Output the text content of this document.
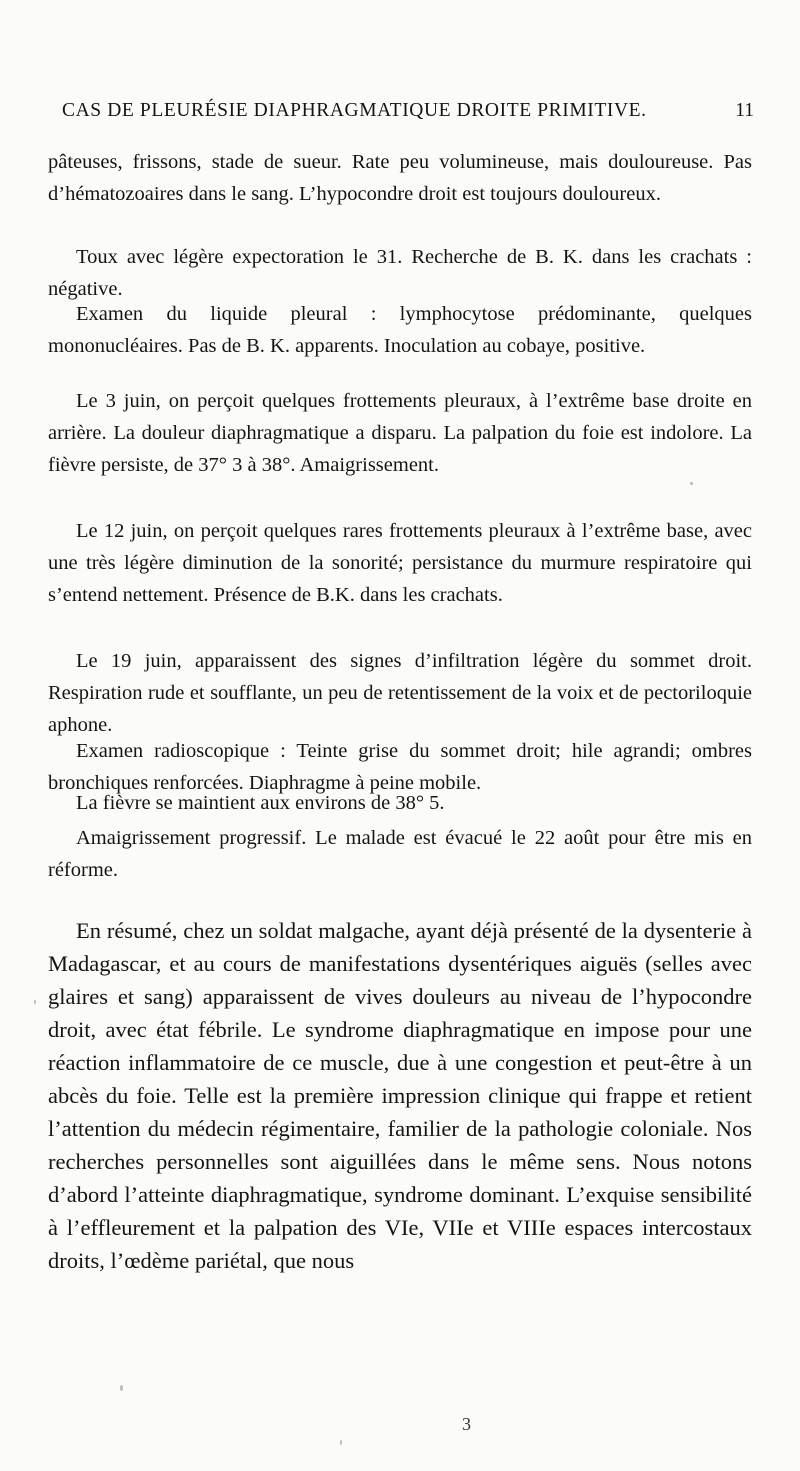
CAS DE PLEURÉSIE DIAPHRAGMATIQUE DROITE PRIMITIVE.	11

pâteuses, frissons, stade de sueur. Rate peu volumineuse, mais douloureuse. Pas d’hématozoaires dans le sang. L’hypocondre droit est toujours douloureux.

Toux avec légère expectoration le 31. Recherche de B. K. dans les crachats : négative.

Examen du liquide pleural : lymphocytose prédominante, quelques mononucléaires. Pas de B. K. apparents. Inoculation au cobaye, positive.

Le 3 juin, on perçoit quelques frottements pleuraux, à l’extrême base droite en arrière. La douleur diaphragmatique a disparu. La palpation du foie est indolore. La fièvre persiste, de 37° 3 à 38°. Amaigrissement.

Le 12 juin, on perçoit quelques rares frottements pleuraux à l’extrême base, avec une très légère diminution de la sonorité; persistance du murmure respiratoire qui s’entend nettement. Présence de B.K. dans les crachats.

Le 19 juin, apparaissent des signes d’infiltration légère du sommet droit. Respiration rude et soufflante, un peu de retentissement de la voix et de pectoriloquie aphone.

Examen radioscopique : Teinte grise du sommet droit; hile agrandi; ombres bronchiques renforcées. Diaphragme à peine mobile.

La fièvre se maintient aux environs de 38° 5.

Amaigrissement progressif. Le malade est évacué le 22 août pour être mis en réforme.

En résumé, chez un soldat malgache, ayant déjà présenté de la dysenterie à Madagascar, et au cours de manifestations dysentériques aiguës (selles avec glaires et sang) apparaissent de vives douleurs au niveau de l’hypocondre droit, avec état fébrile. Le syndrome diaphragmatique en impose pour une réaction inflammatoire de ce muscle, due à une congestion et peut-être à un abcès du foie. Telle est la première impression clinique qui frappe et retient l’attention du médecin régimentaire, familier de la pathologie coloniale. Nos recherches personnelles sont aiguillées dans le même sens. Nous notons d’abord l’atteinte diaphragmatique, syndrome dominant. L’exquise sensibilité à l’effleurement et la palpation des VIe, VIIe et VIIIe espaces intercostaux droits, l’œdème pariétal, que nous

3
